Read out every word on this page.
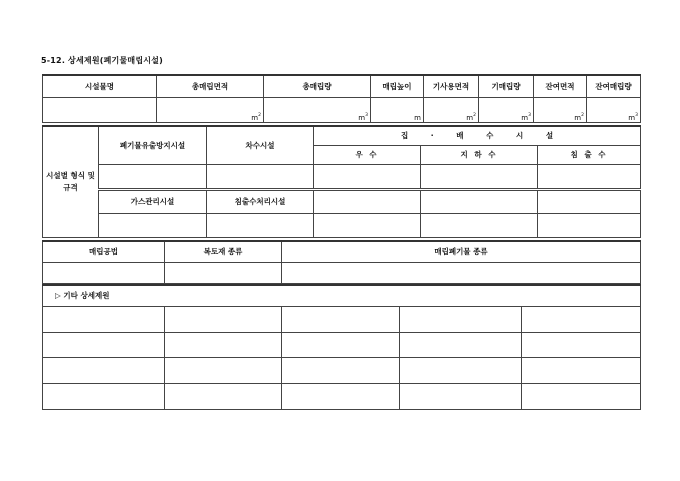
5-12. 상세제원(폐기물매립시설)
시설물명	총매립면적	총매립량	매립높이	기사용면적	기매립량	잔여면적	잔여매립량
	$m^2$	$m^3$	m	$m^2$	$m^3$	$m^2$	$m^3$
시설별 형식 및 규격	폐기물유출방지시설	차수시설	집 · 배 수 시 설		
			우 수	지 하 수	침 출 수

	가스관리시설	침출수처리시설			

매립공법	복토재 종류	매립폐기물 종류

▷ 기타 상세제원				
